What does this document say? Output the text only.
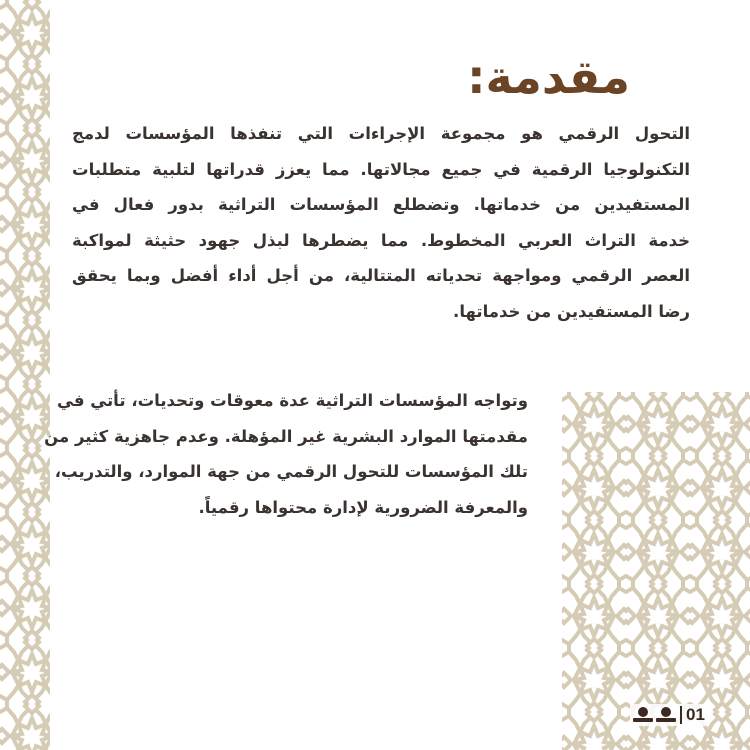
مقدمة:
التحول الرقمي هو مجموعة الإجراءات التي تنفذها المؤسسات لدمج
التكنولوجيا الرقمية في جميع مجالاتها. مما يعزز قدراتها لتلبية متطلبات
المستفيدين من خدماتها. وتضطلع المؤسسات التراثية بدور فعال في
خدمة التراث العربي المخطوط. مما يضطرها لبذل جهود حثيثة لمواكبة
العصر الرقمي ومواجهة تحدياته المتتالية، من أجل أداء أفضل وبما يحقق
رضا المستفيدين من خدماتها.
وتواجه المؤسسات التراثية عدة معوقات وتحديات، تأتي في
مقدمتها الموارد البشرية غير المؤهلة. وعدم جاهزية كثير من
تلك المؤسسات للتحول الرقمي من جهة الموارد، والتدريب،
والمعرفة الضرورية لإدارة محتواها رقمياً.
01
